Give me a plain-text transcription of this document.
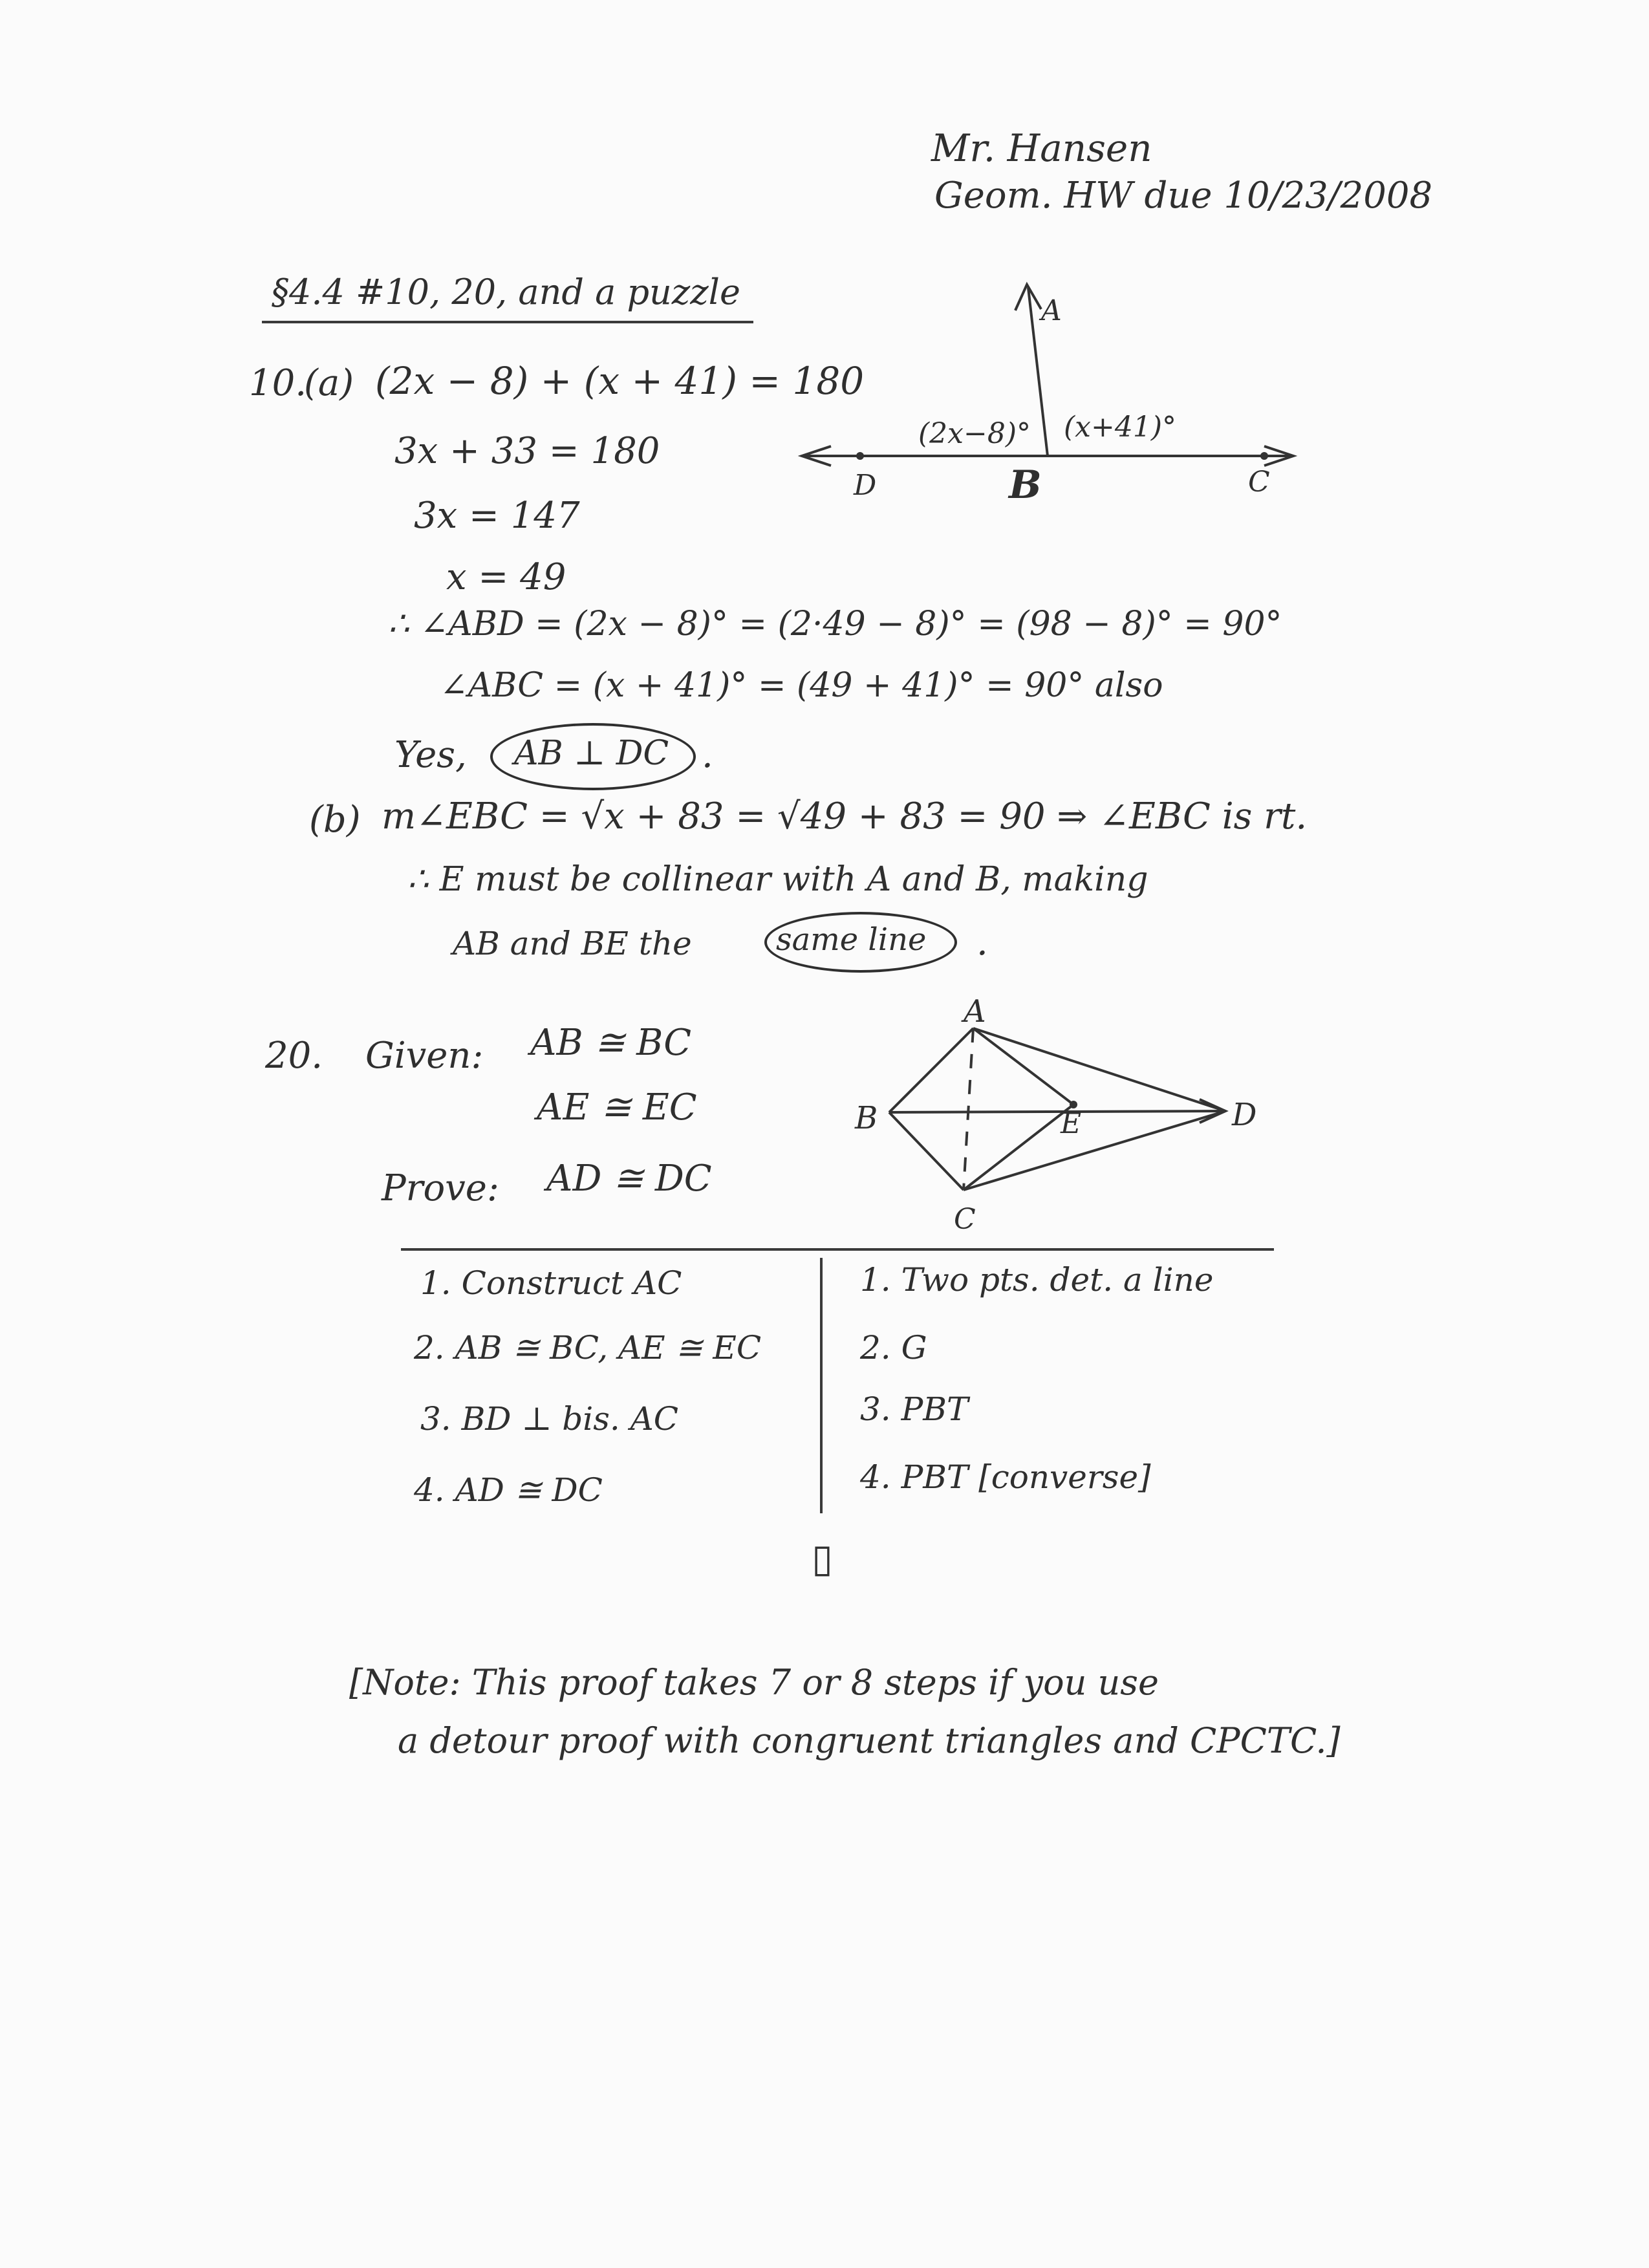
Mr. Hansen
Geom. HW due 10/23/2008
§4.4 #10, 20, and a puzzle
10.
(a) (2x − 8) + (x + 41) = 180
3x + 33 = 180
3x = 147
x = 49
∴ ∠ABD = (2x − 8)° = (2·49 − 8)° = (98 − 8)° = 90°
∠ABC = (x + 41)° = (49 + 41)° = 90° also
Yes, AB ⊥ DC .
(b) m∠EBC = √x + 83 = √49 + 83 = 90 ⇒ ∠EBC is rt.
∴ E must be collinear with A and B, making
AB and BE the	same line .
A
B	C
D
(2x−8)° (x+41)°
20. Given: AB ≅ BC
AE ≅ EC
Prove: AD ≅ DC
A
B
C
D
E
1. Construct AC
2. AB ≅ BC, AE ≅ EC
3. BD ⊥ bis. AC
4. AD ≅ DC
1. Two pts. det. a line
2. G
3. PBT
4. PBT [converse]
▯
[Note: This proof takes 7 or 8 steps if you use
a detour proof with congruent triangles and CPCTC.]
